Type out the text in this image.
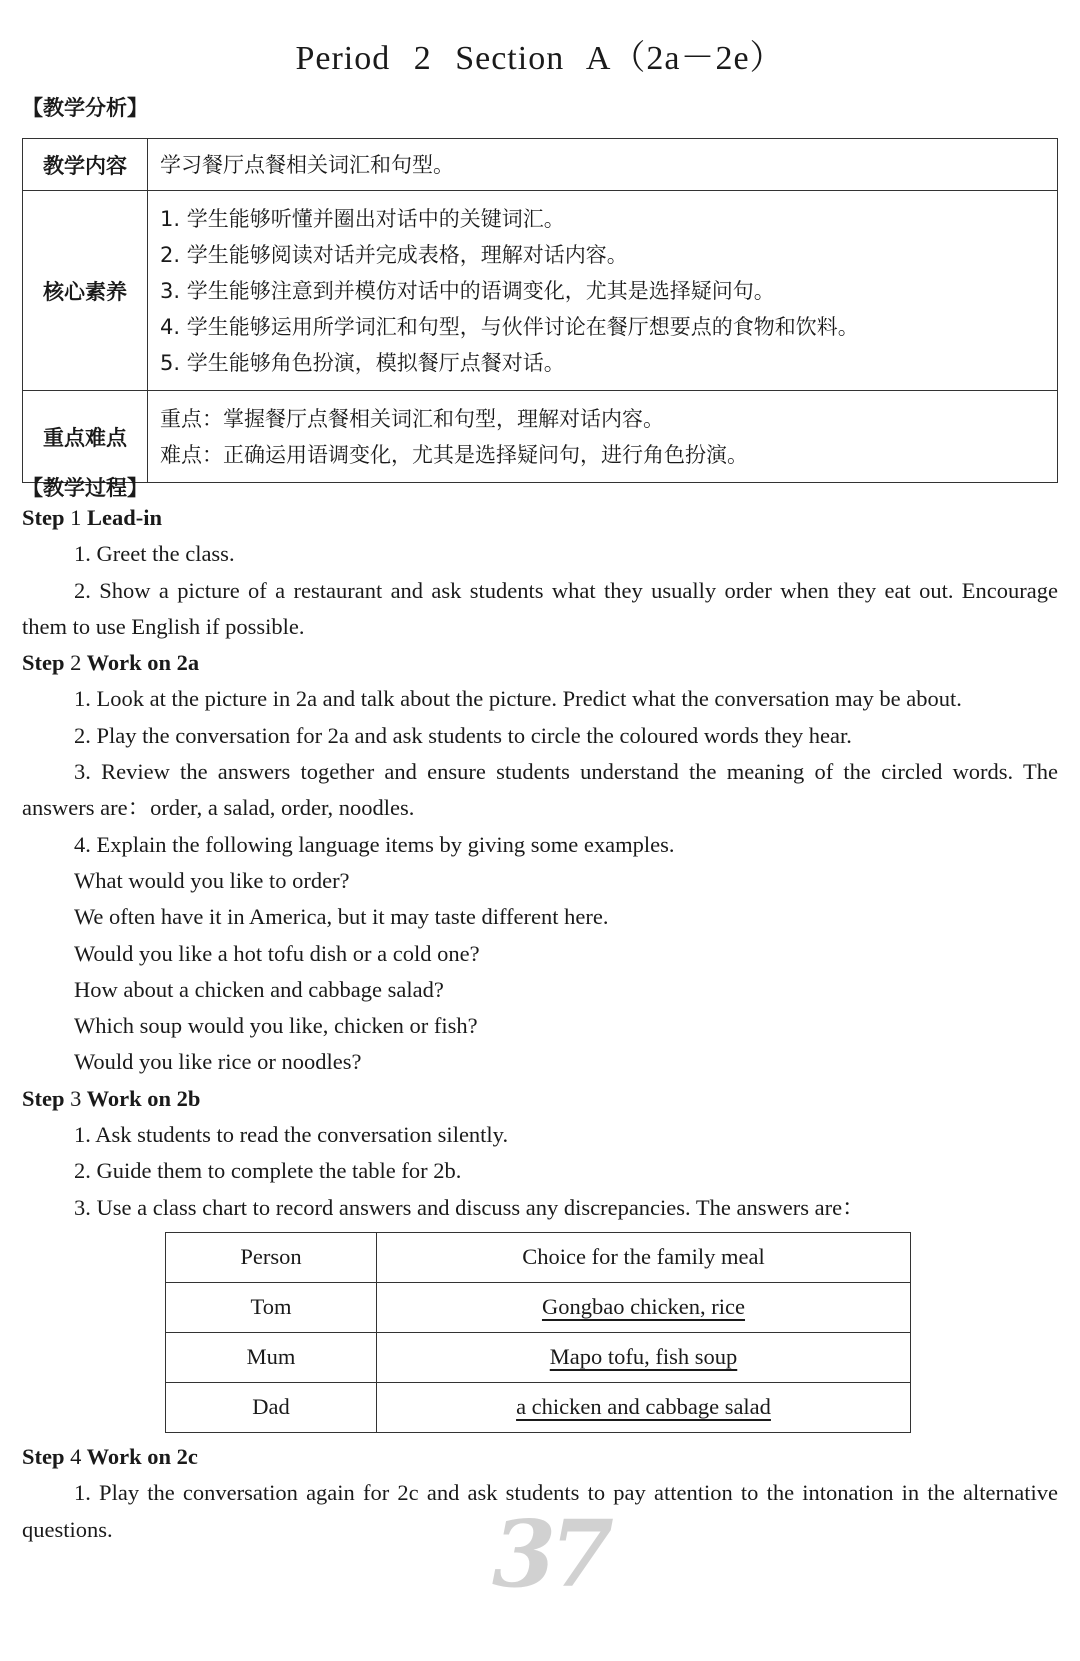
Period 2 Section A（2a－2e）
【教学分析】
教学内容	学习餐厅点餐相关词汇和句型。

核心素养	1. 学生能够听懂并圈出对话中的关键词汇。
2. 学生能够阅读对话并完成表格，理解对话内容。
3. 学生能够注意到并模仿对话中的语调变化，尤其是选择疑问句。
4. 学生能够运用所学词汇和句型，与伙伴讨论在餐厅想要点的食物和饮料。
5. 学生能够角色扮演，模拟餐厅点餐对话。

重点难点	重点：掌握餐厅点餐相关词汇和句型，理解对话内容。
难点：正确运用语调变化，尤其是选择疑问句，进行角色扮演。
【教学过程】
Step 1 Lead-in

1. Greet the class.

2. Show a picture of a restaurant and ask students what they usually order when they eat out. Encourage them to use English if possible.

Step 2 Work on 2a

1. Look at the picture in 2a and talk about the picture. Predict what the conversation may be about.

2. Play the conversation for 2a and ask students to circle the coloured words they hear.

3. Review the answers together and ensure students understand the meaning of the circled words. The answers are：order, a salad, order, noodles.

4. Explain the following language items by giving some examples.

What would you like to order?

We often have it in America, but it may taste different here.

Would you like a hot tofu dish or a cold one?

How about a chicken and cabbage salad?

Which soup would you like, chicken or fish?

Would you like rice or noodles?

Step 3 Work on 2b

1. Ask students to read the conversation silently.

2. Guide them to complete the table for 2b.

3. Use a class chart to record answers and discuss any discrepancies. The answers are：

Person	Choice for the family meal
Tom	Gongbao chicken, rice
Mum	Mapo tofu, fish soup
Dad	a chicken and cabbage salad
Step 4 Work on 2c

1. Play the conversation again for 2c and ask students to pay attention to the intonation in the alternative questions.	37
